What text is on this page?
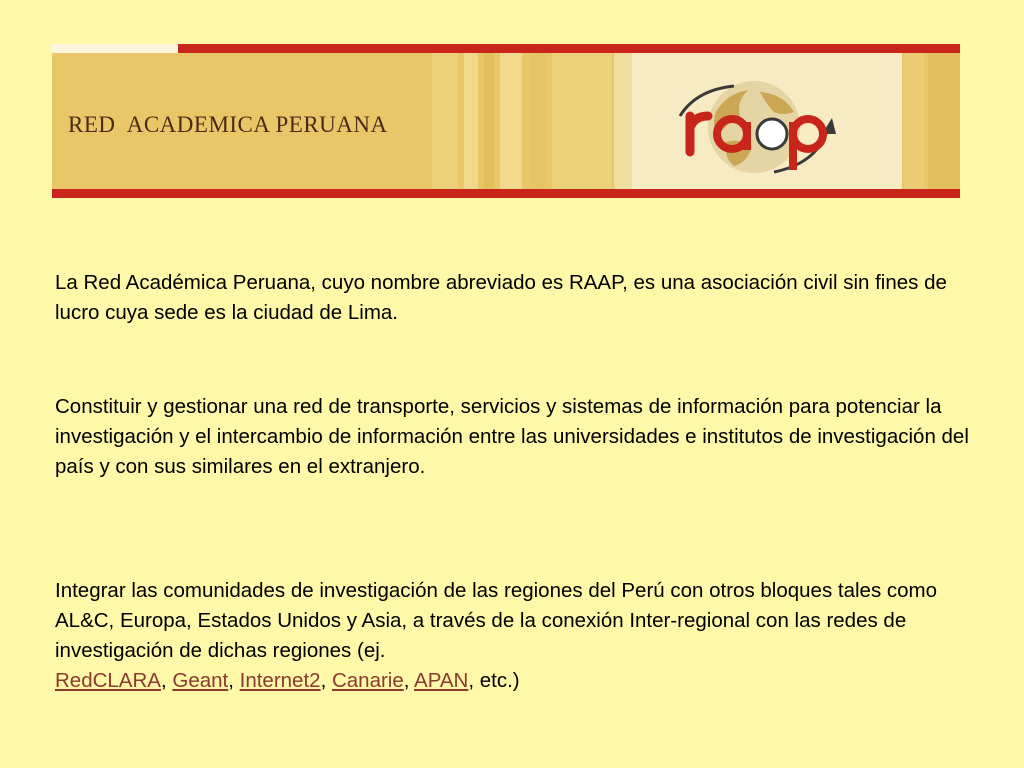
RED  ACADEMICA PERUANA
La Red Académica Peruana, cuyo nombre abreviado es RAAP, es una asociación civil sin fines de lucro cuya sede es la ciudad de Lima.
Constituir y gestionar una red de transporte, servicios y sistemas de información para potenciar la investigación y el intercambio de información entre las universidades e institutos de investigación del país y con sus similares en el extranjero.
Integrar las comunidades de investigación de las regiones del Perú con otros bloques tales como AL&C, Europa, Estados Unidos y Asia, a través de la conexión Inter-regional con las redes de investigación de dichas regiones (ej.
RedCLARA, Geant, Internet2, Canarie, APAN, etc.)
